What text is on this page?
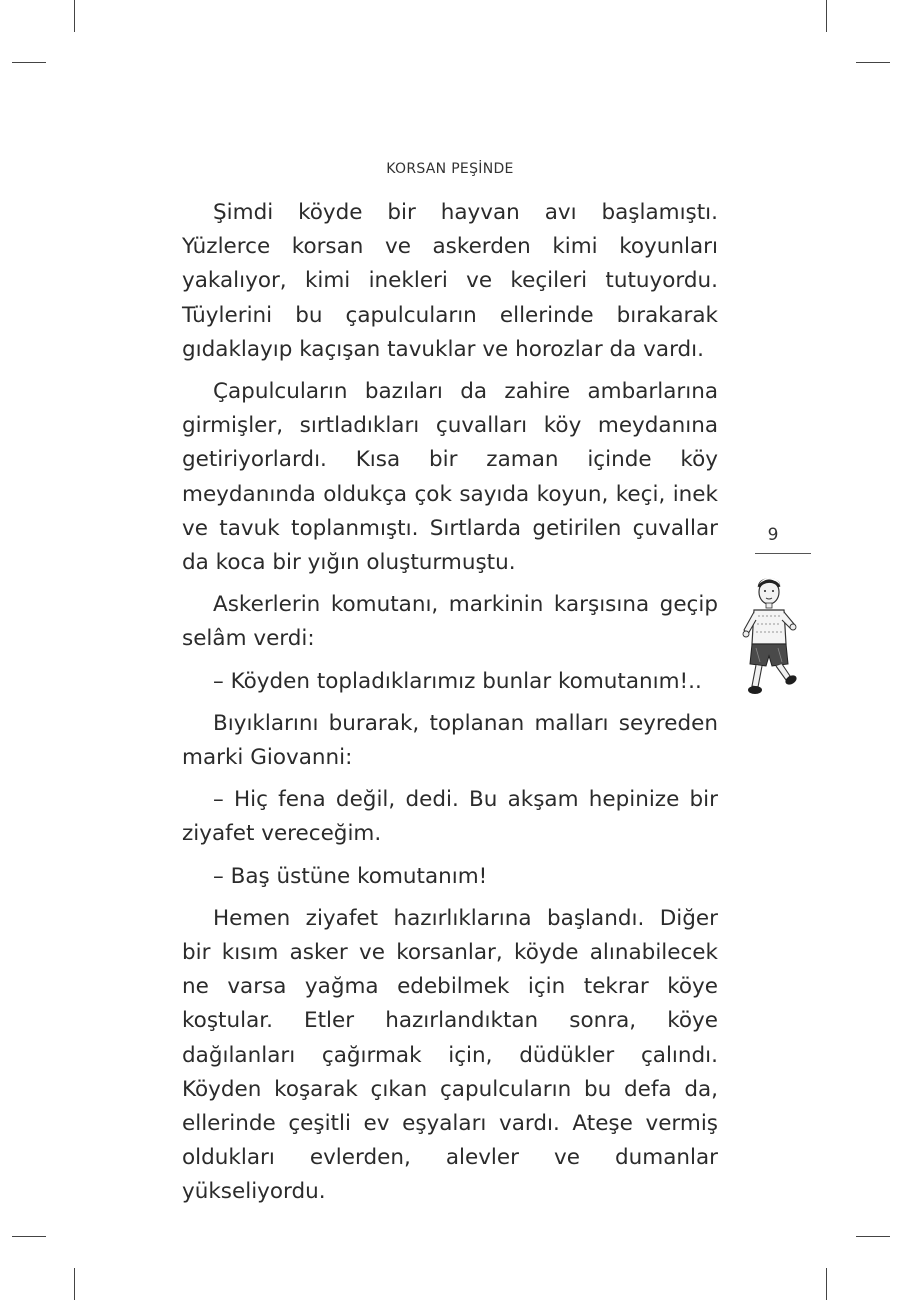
KORSAN PEŞİNDE

Şimdi köyde bir hayvan avı başlamıştı. Yüzlerce korsan ve askerden kimi koyunları yakalıyor, kimi inekleri ve keçileri tutuyordu. Tüylerini bu çapulcuların ellerinde bırakarak gıdaklayıp kaçışan tavuklar ve horozlar da vardı.

Çapulcuların bazıları da zahire ambarlarına girmişler, sırtladıkları çuvalları köy meydanına getiriyorlardı. Kısa bir zaman içinde köy meydanında oldukça çok sayıda koyun, keçi, inek ve tavuk toplanmıştı. Sırtlarda getirilen çuvallar da koca bir yığın oluşturmuştu.

Askerlerin komutanı, markinin karşısına geçip selâm verdi:

– Köyden topladıklarımız bunlar komutanım!..

Bıyıklarını burarak, toplanan malları seyreden marki Giovanni:

– Hiç fena değil, dedi. Bu akşam hepinize bir ziyafet vereceğim.

– Baş üstüne komutanım!

Hemen ziyafet hazırlıklarına başlandı. Diğer bir kısım asker ve korsanlar, köyde alınabilecek ne varsa yağma edebilmek için tekrar köye koştular. Etler hazırlandıktan sonra, köye dağılanları çağırmak için, düdükler çalındı. Köyden koşarak çıkan çapulcuların bu defa da, ellerinde çeşitli ev eşyaları vardı. Ateşe vermiş oldukları evlerden, alevler ve dumanlar yükseliyordu.

9
